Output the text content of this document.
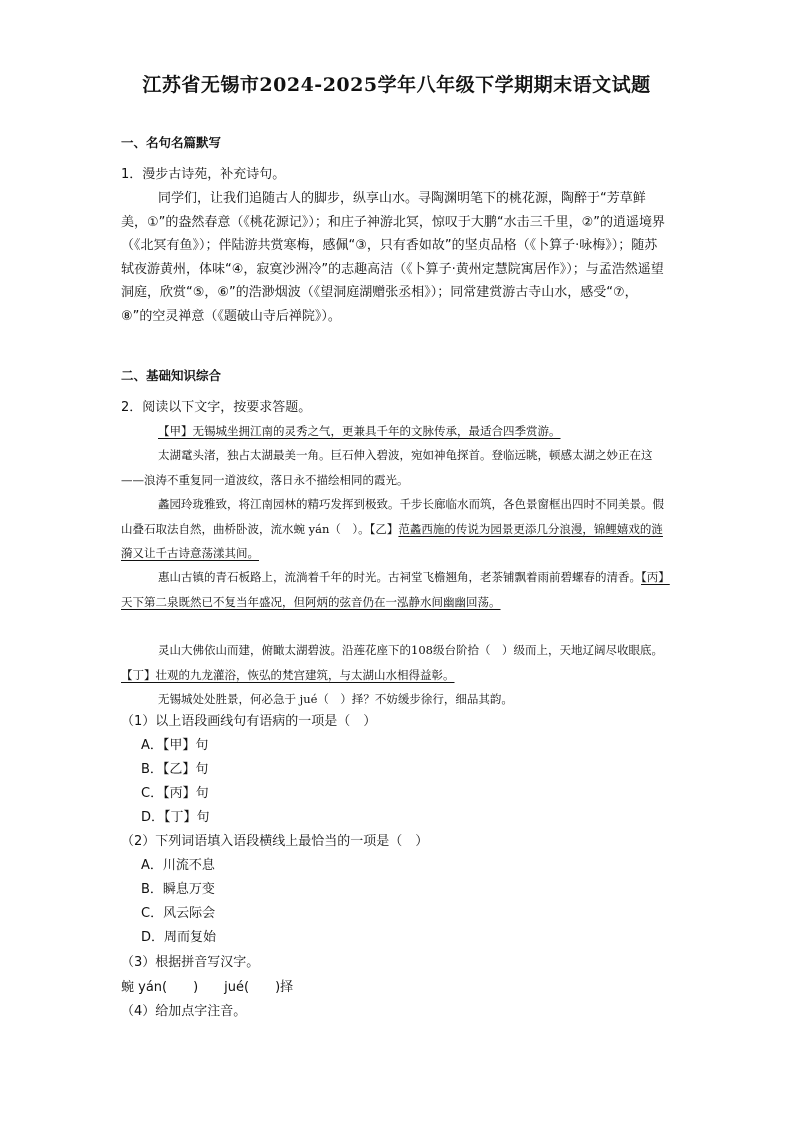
江苏省无锡市2024-2025学年八年级下学期期末语文试题
一、名句名篇默写
1．漫步古诗苑，补充诗句。
同学们，让我们追随古人的脚步，纵享山水。寻陶渊明笔下的桃花源，陶醉于“芳草鲜美，①”的盎然春意（《桃花源记》）；和庄子神游北冥，惊叹于大鹏“水击三千里，②”的逍遥境界（《北冥有鱼》）；伴陆游共赏寒梅，感佩“③，只有香如故”的坚贞品格（《卜算子·咏梅》）；随苏轼夜游黄州，体味“④，寂寞沙洲冷”的志趣高洁（《卜算子·黄州定慧院寓居作》）；与孟浩然遥望洞庭，欣赏“⑤，⑥”的浩渺烟波（《望洞庭湖赠张丞相》）；同常建赏游古寺山水，感受“⑦，⑧”的空灵禅意（《题破山寺后禅院》）。
二、基础知识综合
2．阅读以下文字，按要求答题。
【甲】无锡城坐拥江南的灵秀之气，更兼具千年的文脉传承，最适合四季赏游。
太湖鼋头渚，独占太湖最美一角。巨石伸入碧波，宛如神龟探首。登临远眺，顿感太湖之妙正在这——浪涛不重复同一道波纹，落日永不描绘相同的霞光。
蠡园玲珑雅致，将江南园林的精巧发挥到极致。千步长廊临水而筑，各色景窗框出四时不同美景。假山叠石取法自然，曲桥卧波，流水蜿 yán（　）。【乙】范蠡西施的传说为园景更添几分浪漫，锦鲤嬉戏的涟漪又让千古诗意荡漾其间。
惠山古镇的青石板路上，流淌着千年的时光。古祠堂飞檐翘角，老茶铺飘着雨前碧螺春的清香。【丙】天下第二泉既然已不复当年盛况，但阿炳的弦音仍在一泓静水间幽幽回荡。
灵山大佛依山而建，俯瞰太湖碧波。沿莲花座下的108级台阶拾（　）级而上，天地辽阔尽收眼底。【丁】壮观的九龙灌浴，恢弘的梵宫建筑，与太湖山水相得益彰。
无锡城处处胜景，何必急于 jué（　）择？不妨缓步徐行，细品其韵。
（1）以上语段画线句有语病的一项是（　）
A．【甲】句
B．【乙】句
C．【丙】句
D．【丁】句
（2）下列词语填入语段横线上最恰当的一项是（　）
A．川流不息
B．瞬息万变
C．风云际会
D．周而复始
（3）根据拼音写汉字。
蜿 yán(　　)　　jué(　　)择
（4）给加点字注音。
